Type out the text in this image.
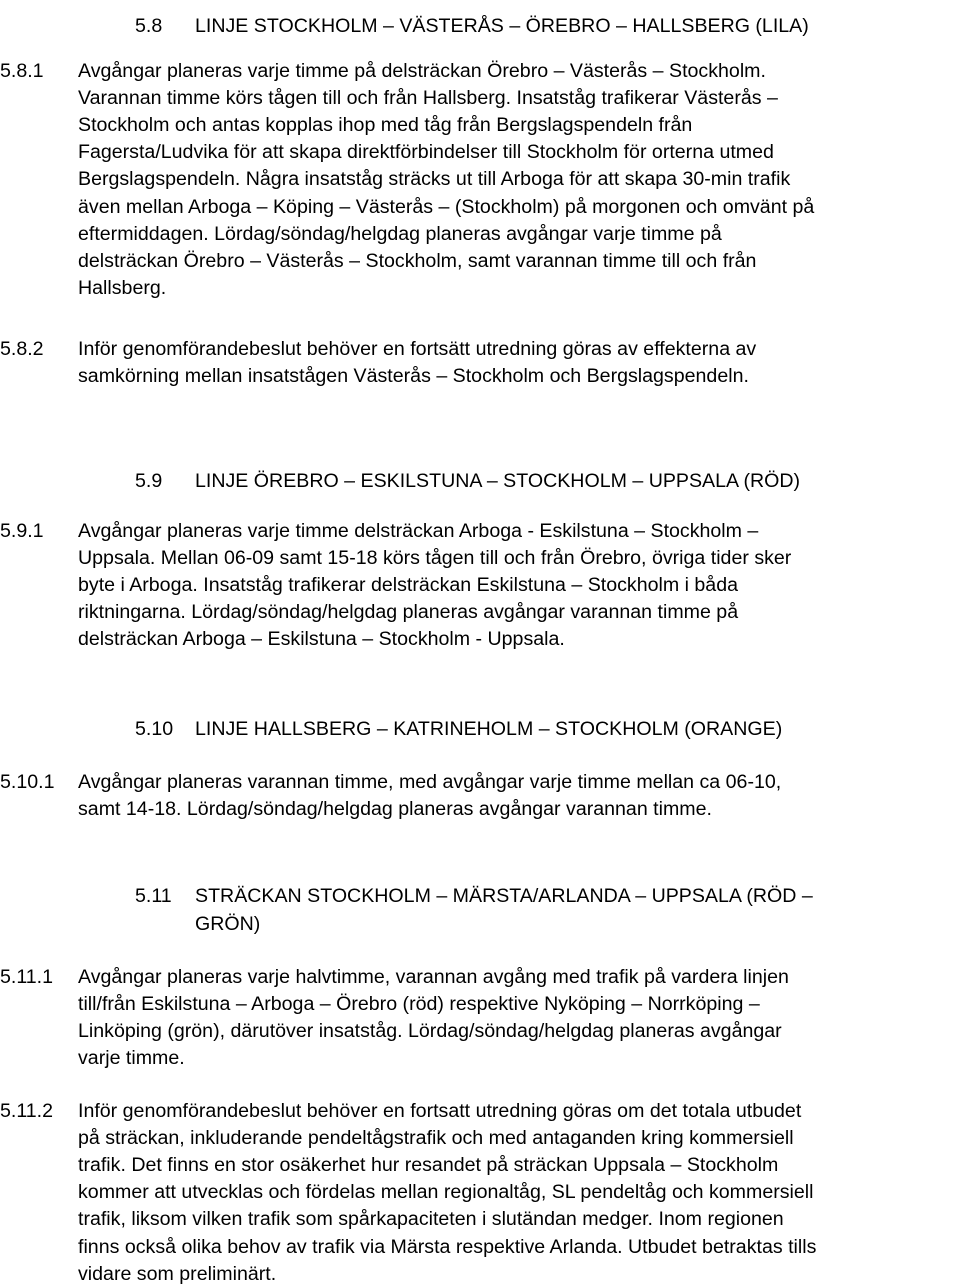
5.8 LINJE STOCKHOLM – VÄSTERÅS – ÖREBRO – HALLSBERG (LILA)
5.8.1 Avgångar planeras varje timme på delsträckan Örebro – Västerås – Stockholm.
Varannan timme körs tågen till och från Hallsberg. Insatståg trafikerar Västerås –
Stockholm och antas kopplas ihop med tåg från Bergslagspendeln från
Fagersta/Ludvika för att skapa direktförbindelser till Stockholm för orterna utmed
Bergslagspendeln. Några insatståg sträcks ut till Arboga för att skapa 30-min trafik
även mellan Arboga – Köping – Västerås – (Stockholm) på morgonen och omvänt på
eftermiddagen. Lördag/söndag/helgdag planeras avgångar varje timme på
delsträckan Örebro – Västerås – Stockholm, samt varannan timme till och från
Hallsberg.
5.8.2 Inför genomförandebeslut behöver en fortsätt utredning göras av effekterna av
samkörning mellan insatstågen Västerås – Stockholm och Bergslagspendeln.
5.9 LINJE ÖREBRO – ESKILSTUNA – STOCKHOLM – UPPSALA (RÖD)
5.9.1 Avgångar planeras varje timme delsträckan Arboga - Eskilstuna – Stockholm –
Uppsala. Mellan 06-09 samt 15-18 körs tågen till och från Örebro, övriga tider sker
byte i Arboga. Insatståg trafikerar delsträckan Eskilstuna – Stockholm i båda
riktningarna. Lördag/söndag/helgdag planeras avgångar varannan timme på
delsträckan Arboga – Eskilstuna – Stockholm - Uppsala.
5.10 LINJE HALLSBERG – KATRINEHOLM – STOCKHOLM (ORANGE)
5.10.1 Avgångar planeras varannan timme, med avgångar varje timme mellan ca 06-10,
samt 14-18. Lördag/söndag/helgdag planeras avgångar varannan timme.
5.11 STRÄCKAN STOCKHOLM – MÄRSTA/ARLANDA – UPPSALA (RÖD –
GRÖN)
5.11.1 Avgångar planeras varje halvtimme, varannan avgång med trafik på vardera linjen
till/från Eskilstuna – Arboga – Örebro (röd) respektive Nyköping – Norrköping –
Linköping (grön), därutöver insatståg. Lördag/söndag/helgdag planeras avgångar
varje timme.
5.11.2 Inför genomförandebeslut behöver en fortsatt utredning göras om det totala utbudet
på sträckan, inkluderande pendeltågstrafik och med antaganden kring kommersiell
trafik. Det finns en stor osäkerhet hur resandet på sträckan Uppsala – Stockholm
kommer att utvecklas och fördelas mellan regionaltåg, SL pendeltåg och kommersiell
trafik, liksom vilken trafik som spårkapaciteten i slutändan medger. Inom regionen
finns också olika behov av trafik via Märsta respektive Arlanda. Utbudet betraktas tills
vidare som preliminärt.
